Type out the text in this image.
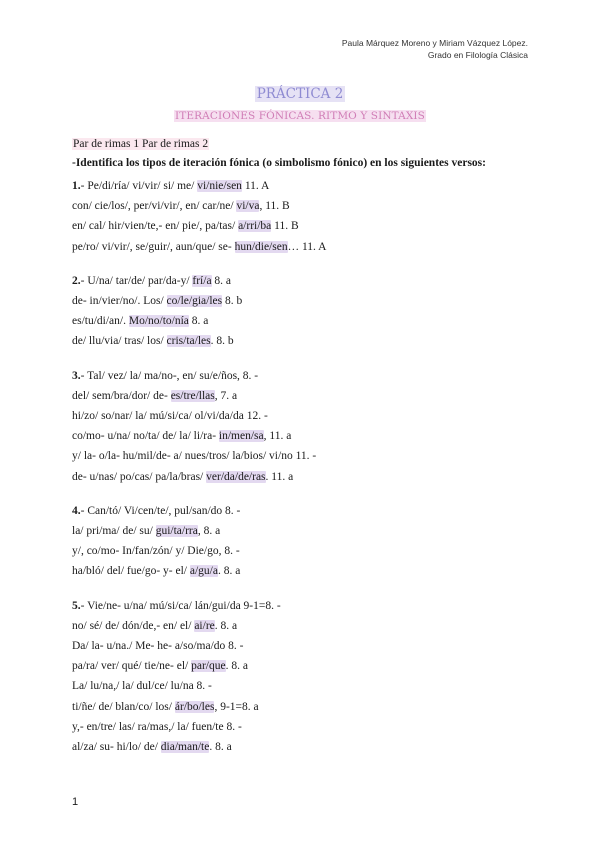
Paula Márquez Moreno y Miriam Vázquez López.
Grado en Filología Clásica
PRÁCTICA 2
ITERACIONES FÓNICAS. RITMO Y SINTAXIS
Par de rimas 1 Par de rimas 2
-Identifica los tipos de iteración fónica (o simbolismo fónico) en los siguientes versos:
1.- Pe/di/ría/ vi/vir/ si/ me/ vi/nie/sen 11. A
con/ cie/los/, per/vi/vir/, en/ car/ne/ vi/va, 11. B
en/ cal/ hir/vien/te,- en/ pie/, pa/tas/ a/rri/ba 11. B
pe/ro/ vi/vir/, se/guir/, aun/que/ se- hun/die/sen… 11. A
2.- U/na/ tar/de/ par/da-y/ frí/a 8. a
de- in/vier/no/. Los/ co/le/gia/les 8. b
es/tu/di/an/. Mo/no/to/nía 8. a
de/ llu/via/ tras/ los/ cris/ta/les. 8. b
3.- Tal/ vez/ la/ ma/no-, en/ su/e/ños, 8. -
del/ sem/bra/dor/ de- es/tre/llas, 7. a
hi/zo/ so/nar/ la/ mú/si/ca/ ol/vi/da/da 12. -
co/mo- u/na/ no/ta/ de/ la/ li/ra- in/men/sa, 11. a
y/ la- o/la- hu/mil/de- a/ nues/tros/ la/bios/ vi/no 11. -
de- u/nas/ po/cas/ pa/la/bras/ ver/da/de/ras. 11. a
4.- Can/tó/ Vi/cen/te/, pul/san/do 8. -
la/ pri/ma/ de/ su/ gui/ta/rra, 8. a
y/, co/mo- In/fan/zón/ y/ Die/go, 8. -
ha/bló/ del/ fue/go- y- el/ a/gu/a. 8. a
5.- Vie/ne- u/na/ mú/si/ca/ lán/gui/da 9-1=8. -
no/ sé/ de/ dón/de,- en/ el/ ai/re. 8. a
Da/ la- u/na./ Me- he- a/so/ma/do 8. -
pa/ra/ ver/ qué/ tie/ne- el/ par/que. 8. a
La/ lu/na,/ la/ dul/ce/ lu/na 8. -
ti/ñe/ de/ blan/co/ los/ ár/bo/les, 9-1=8. a
y,- en/tre/ las/ ra/mas,/ la/ fuen/te 8. -
al/za/ su- hi/lo/ de/ dia/man/te. 8. a
1
